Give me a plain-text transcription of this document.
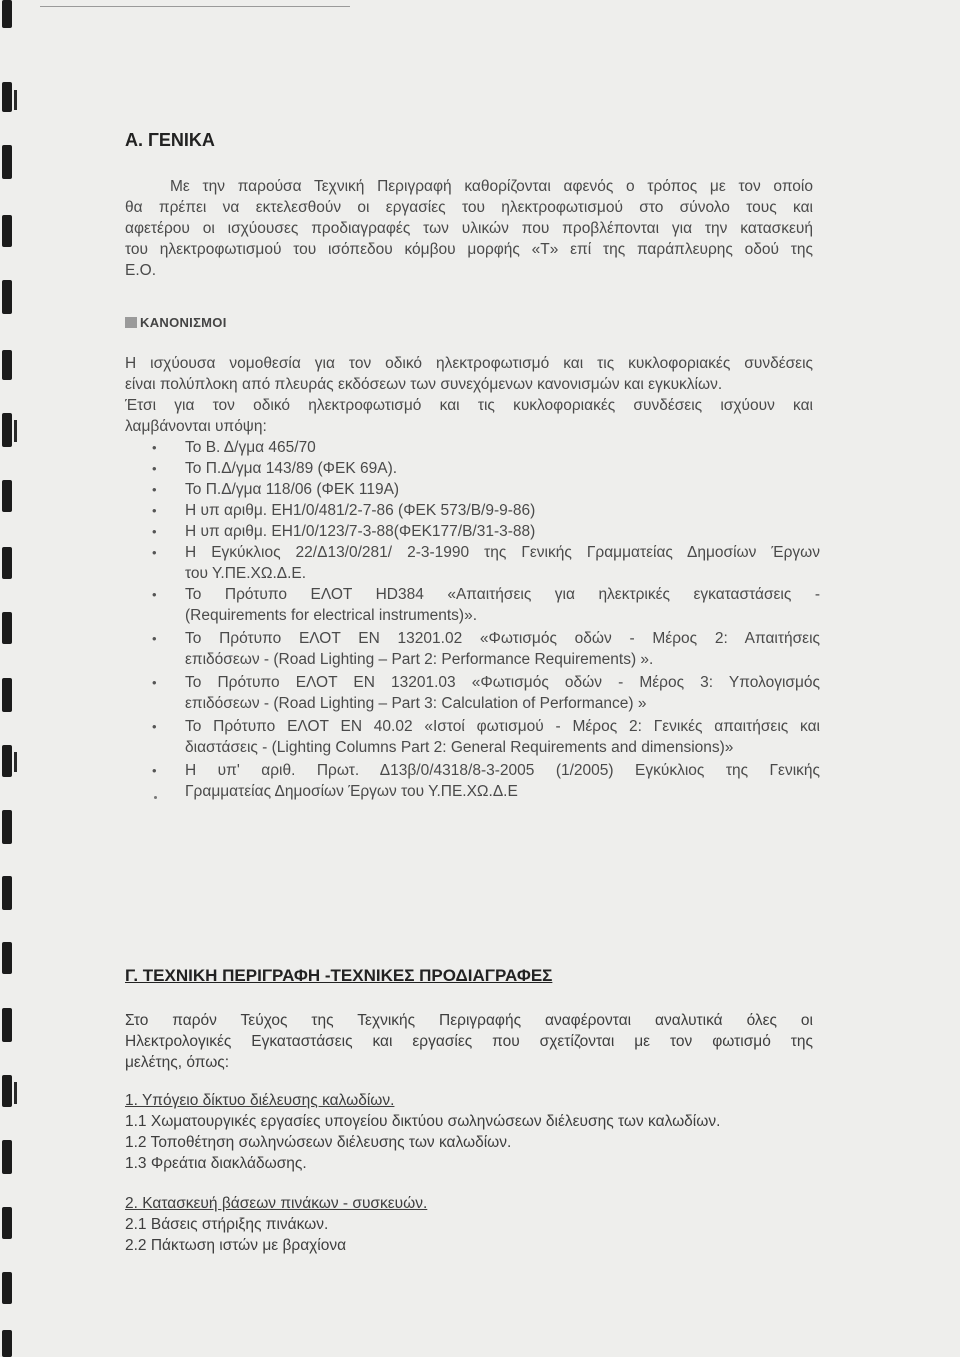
Α. ΓΕΝΙΚΑ
Με την παρούσα Τεχνική Περιγραφή καθορίζονται αφενός ο τρόπος με τον οποίο
θα πρέπει να εκτελεσθούν οι εργασίες του ηλεκτροφωτισμού στο σύνολο τους και
αφετέρου οι ισχύουσες προδιαγραφές των υλικών που προβλέπονται για την κατασκευή
του ηλεκτροφωτισμού του ισόπεδου κόμβου μορφής «Τ» επί της παράπλευρης οδού της
Ε.Ο.
ΚΑΝΟΝΙΣΜΟΙ
Η ισχύουσα νομοθεσία για τον οδικό ηλεκτροφωτισμό και τις κυκλοφοριακές συνδέσεις
είναι πολύπλοκη από πλευράς εκδόσεων των συνεχόμενων κανονισμών και εγκυκλίων.
Έτσι για τον οδικό ηλεκτροφωτισμό και τις κυκλοφοριακές συνδέσεις ισχύουν και
λαμβάνονται υπόψη:
• Το Β. Δ/γμα 465/70
• Το Π.Δ/γμα 143/89 (ΦΕΚ 69Α).
• Το Π.Δ/γμα 118/06 (ΦΕΚ 119Α)
• Η υπ αριθμ. ΕΗ1/0/481/2-7-86 (ΦΕΚ 573/Β/9-9-86)
• Η υπ αριθμ. ΕΗ1/0/123/7-3-88(ΦΕΚ177/Β/31-3-88)
• Η Εγκύκλιος 22/Δ13/0/281/ 2-3-1990 της Γενικής Γραμματείας Δημοσίων Έργων
του Υ.ΠΕ.ΧΩ.Δ.Ε.
• Το Πρότυπο ΕΛΟΤ HD384 «Απαιτήσεις για ηλεκτρικές εγκαταστάσεις -
(Requirements for electrical instruments)».
• Το Πρότυπο ΕΛΟΤ ΕΝ 13201.02 «Φωτισμός οδών - Μέρος 2: Απαιτήσεις
επιδόσεων - (Road Lighting – Part 2: Performance Requirements) ».
• Το Πρότυπο ΕΛΟΤ ΕΝ 13201.03 «Φωτισμός οδών - Μέρος 3: Υπολογισμός
επιδόσεων - (Road Lighting – Part 3: Calculation of Performance) »
• Το Πρότυπο ΕΛΟΤ ΕΝ 40.02 «Ιστοί φωτισμού - Μέρος 2: Γενικές απαιτήσεις και
διαστάσεις - (Lighting Columns Part 2: General Requirements and dimensions)»
• Η υπ' αριθ. Πρωτ. Δ13β/0/4318/8-3-2005 (1/2005) Εγκύκλιος της Γενικής
Γραμματείας Δημοσίων Έργων του Υ.ΠΕ.ΧΩ.Δ.Ε
Γ. ΤΕΧΝΙΚΗ ΠΕΡΙΓΡΑΦΗ -ΤΕΧΝΙΚΕΣ ΠΡΟΔΙΑΓΡΑΦΕΣ
Στο παρόν Τεύχος της Τεχνικής Περιγραφής αναφέρονται αναλυτικά όλες οι
Ηλεκτρολογικές Εγκαταστάσεις και εργασίες που σχετίζονται με τον φωτισμό της
μελέτης, όπως:
1. Υπόγειο δίκτυο διέλευσης καλωδίων.
1.1 Χωματουργικές εργασίες υπογείου δικτύου σωληνώσεων διέλευσης των καλωδίων.
1.2 Τοποθέτηση σωληνώσεων διέλευσης των καλωδίων.
1.3 Φρεάτια διακλάδωσης.
2. Κατασκευή βάσεων πινάκων - συσκευών.
2.1 Βάσεις στήριξης πινάκων.
2.2 Πάκτωση ιστών με βραχίονα
